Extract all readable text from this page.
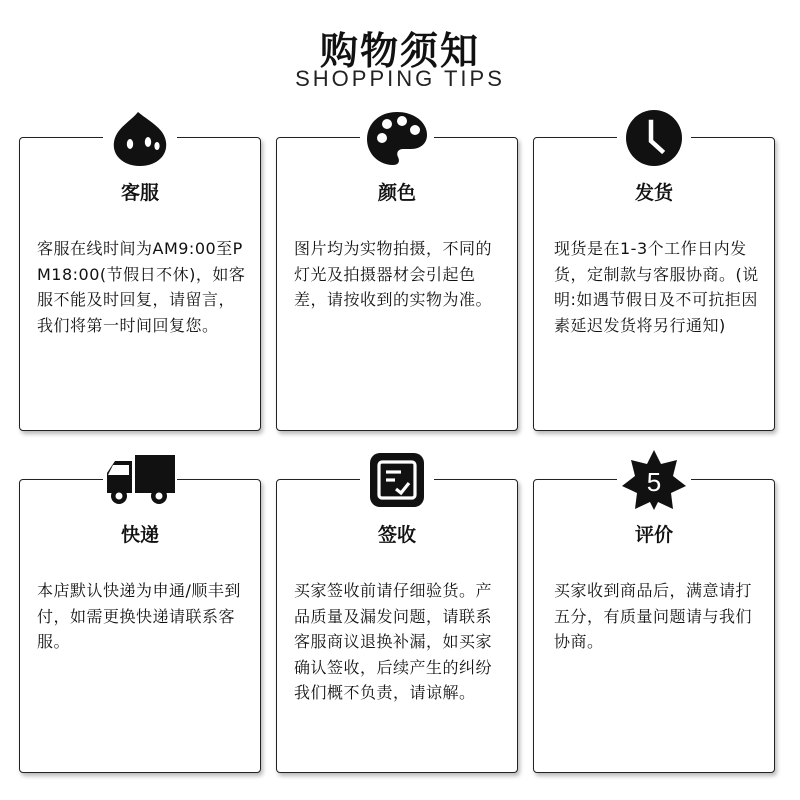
购物须知
SHOPPING TIPS
客服
客服在线时间为AM9:00至PM18:00(节假日不休)，如客服不能及时回复，请留言，我们将第一时间回复您。
颜色
图片均为实物拍摄，不同的灯光及拍摄器材会引起色差，请按收到的实物为准。
发货
现货是在1-3个工作日内发货，定制款与客服协商。(说明:如遇节假日及不可抗拒因素延迟发货将另行通知)
快递
本店默认快递为申通/顺丰到付，如需更换快递请联系客服。
签收
买家签收前请仔细验货。产品质量及漏发问题，请联系客服商议退换补漏，如买家确认签收，后续产生的纠纷我们概不负责，请谅解。
5
评价
买家收到商品后，满意请打五分，有质量问题请与我们协商。
